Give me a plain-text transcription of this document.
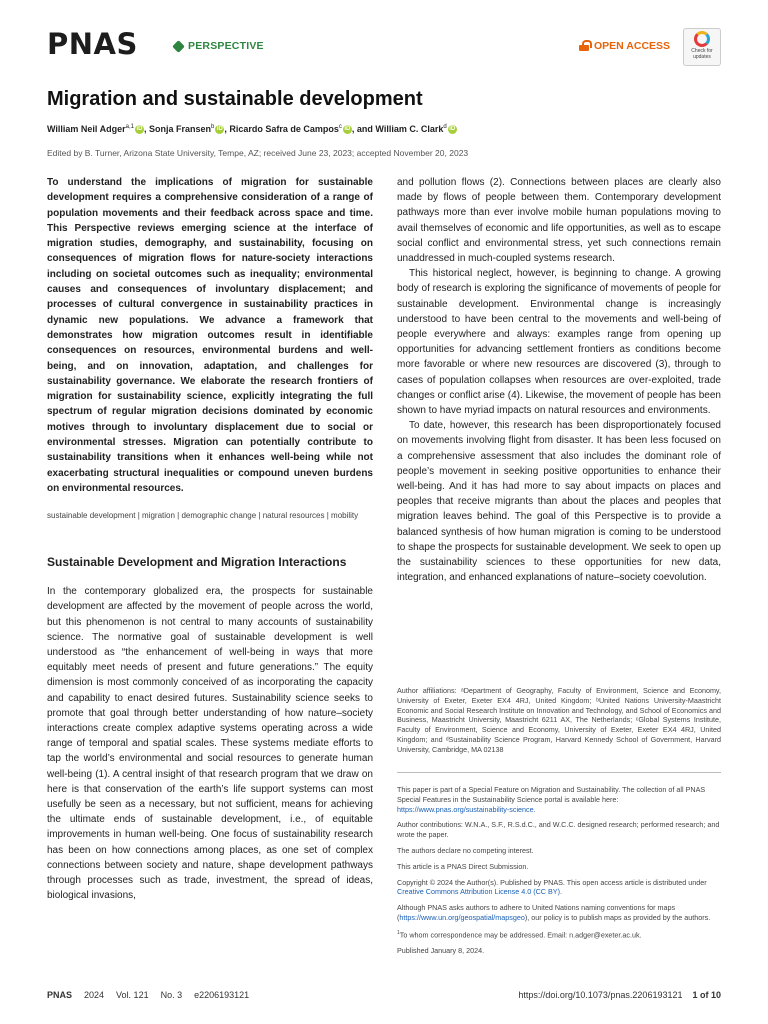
PNAS	PERSPECTIVE	OPEN ACCESS	Check for updates
Migration and sustainable development
William Neil Adger$^{a,1}$ iD , Sonja Fransen$^b$ iD , Ricardo Safra de Campos$^c$ iD , and William C. Clark$^d$ iD
Edited by B. Turner, Arizona State University, Tempe, AZ; received June 23, 2023; accepted November 20, 2023

To understand the implications of migration for sustainable development requires a comprehensive consideration of a range of population movements and their feedback across space and time. This Perspective reviews emerging science at the interface of migration studies, demography, and sustainability, focusing on consequences of migration flows for nature-society interactions including on societal outcomes such as inequality; environmental causes and consequences of involuntary displacement; and processes of cultural convergence in sustainability practices in dynamic new populations. We advance a framework that demonstrates how migration outcomes result in identifiable consequences on resources, environmental burdens and well-being, and on innovation, adaptation, and challenges for sustainability governance. We elaborate the research frontiers of migration for sustainability science, explicitly integrating the full spectrum of regular migration decisions dominated by economic motives through to involuntary displacement due to social or environmental stresses. Migration can potentially contribute to sustainability transitions when it enhances well-being while not exacerbating structural inequalities or compound uneven burdens on environmental resources.

sustainable development | migration | demographic change | natural resources | mobility
Sustainable Development and Migration Interactions

In the contemporary globalized era, the prospects for sustainable development are affected by the movement of people across the world, but this phenomenon is not central to many accounts of sustainability science. The normative goal of sustainable development is well understood as “the enhancement of well-being in ways that more equitably meet needs of present and future generations.” The equity dimension is most commonly conceived of as incorporating the capacity and capability to enact desired futures. Sustainability science seeks to promote that goal through better understanding of how nature–society interactions create complex adaptive systems operating across a wide range of temporal and spatial scales. These systems mediate efforts to tap the world’s environmental and social resources to generate human well-being (1). A central insight of that research program that we draw on here is that conservation of the earth’s life support systems can most usefully be seen as a necessary, but not sufficient, means for achieving the ultimate ends of sustainable development, i.e., of equitable improvements in human well-being. One focus of sustainability research has been on how connections among places, as one set of complex connections between society and nature, shape development pathways through processes such as trade, investment, the spread of ideas, biological invasions,

and pollution flows (2). Connections between places are clearly also made by flows of people between them. Contemporary development pathways more than ever involve mobile human populations moving to avail themselves of economic and life opportunities, as well as to escape social conflict and environmental stress, yet such connections remain unaddressed in much-coupled systems research.

This historical neglect, however, is beginning to change. A growing body of research is exploring the significance of movements of people for sustainable development. Environmental change is increasingly understood to have been central to the movements and well-being of people everywhere and always: examples range from opening up opportunities for advancing settlement frontiers as conditions become more favorable or where new resources are discovered (3), through to cases of population collapses when resources are over-exploited, trade changes or conflict arise (4). Likewise, the movement of people has been shown to have myriad impacts on natural resources and environments.

To date, however, this research has been disproportionately focused on movements involving flight from disaster. It has been less focused on a comprehensive assessment that also includes the dominant role of people’s movement in seeking positive opportunities to enhance their well-being. And it has had more to say about impacts on places and peoples that receive migrants than about the places and peoples that migration leaves behind. The goal of this Perspective is to provide a balanced synthesis of how human migration is coming to be understood to shape the prospects for sustainable development. We seek to open up the sustainability sciences to these opportunities for new data, integration, and enhanced explanations of nature–society coevolution.

Author affiliations: ᵃDepartment of Geography, Faculty of Environment, Science and Economy, University of Exeter, Exeter EX4 4RJ, United Kingdom; ᵇUnited Nations University-Maastricht Economic and Social Research Institute on Innovation and Technology, and School of Economics and Business, Maastricht University, Maastricht 6211 AX, The Netherlands; ᶜGlobal Systems Institute, Faculty of Environment, Science and Economy, University of Exeter, Exeter EX4 4RJ, United Kingdom; and ᵈSustainability Science Program, Harvard Kennedy School of Government, Harvard University, Cambridge, MA 02138
This paper is part of a Special Feature on Migration and Sustainability. The collection of all PNAS Special Features in the Sustainability Science portal is available here: https://www.pnas.org/sustainability-science.
Author contributions: W.N.A., S.F., R.S.d.C., and W.C.C. designed research; performed research; and wrote the paper.
The authors declare no competing interest.
This article is a PNAS Direct Submission.
Copyright © 2024 the Author(s). Published by PNAS. This open access article is distributed under Creative Commons Attribution License 4.0 (CC BY).
Although PNAS asks authors to adhere to United Nations naming conventions for maps (https://www.un.org/geospatial/mapsgeo), our policy is to publish maps as provided by the authors.
$^1$To whom correspondence may be addressed. Email: n.adger@exeter.ac.uk.
Published January 8, 2024.
PNAS 2024 Vol. 121 No. 3 e2206193121	https://doi.org/10.1073/pnas.2206193121 1 of 10
